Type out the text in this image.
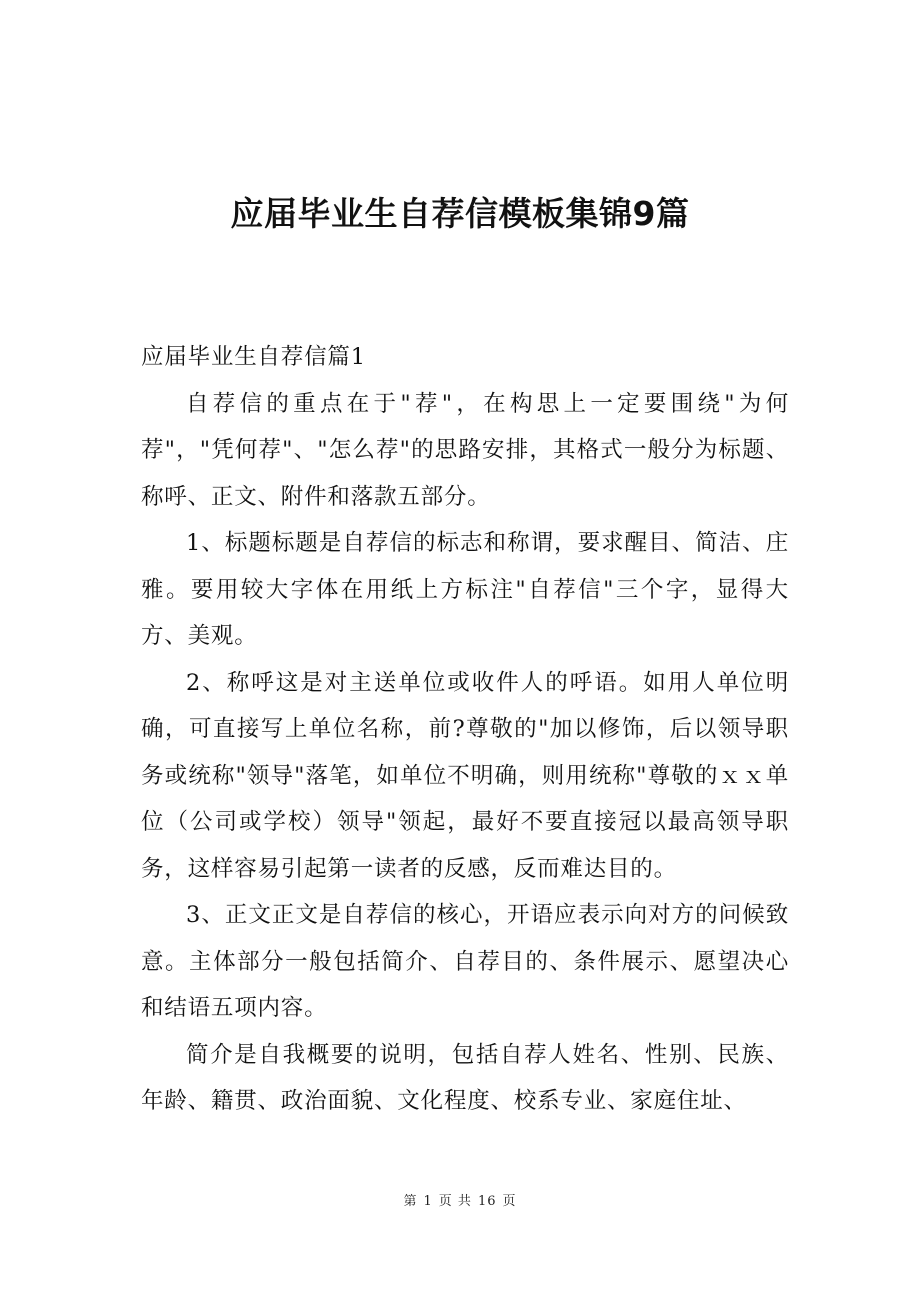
应届毕业生自荐信模板集锦9篇
应届毕业生自荐信篇1

自荐信的重点在于"荐"，在构思上一定要围绕"为何荐"，"凭何荐"、"怎么荐"的思路安排，其格式一般分为标题、称呼、正文、附件和落款五部分。

1、标题标题是自荐信的标志和称谓，要求醒目、简洁、庄雅。要用较大字体在用纸上方标注"自荐信"三个字，显得大方、美观。

2、称呼这是对主送单位或收件人的呼语。如用人单位明确，可直接写上单位名称，前?尊敬的"加以修饰，后以领导职务或统称"领导"落笔，如单位不明确，则用统称"尊敬的ｘｘ单位（公司或学校）领导"领起，最好不要直接冠以最高领导职务，这样容易引起第一读者的反感，反而难达目的。

3、正文正文是自荐信的核心，开语应表示向对方的问候致意。主体部分一般包括简介、自荐目的、条件展示、愿望决心和结语五项内容。

简介是自我概要的说明，包括自荐人姓名、性别、民族、年龄、籍贯、政治面貌、文化程度、校系专业、家庭住址、

第 1 页 共 16 页
